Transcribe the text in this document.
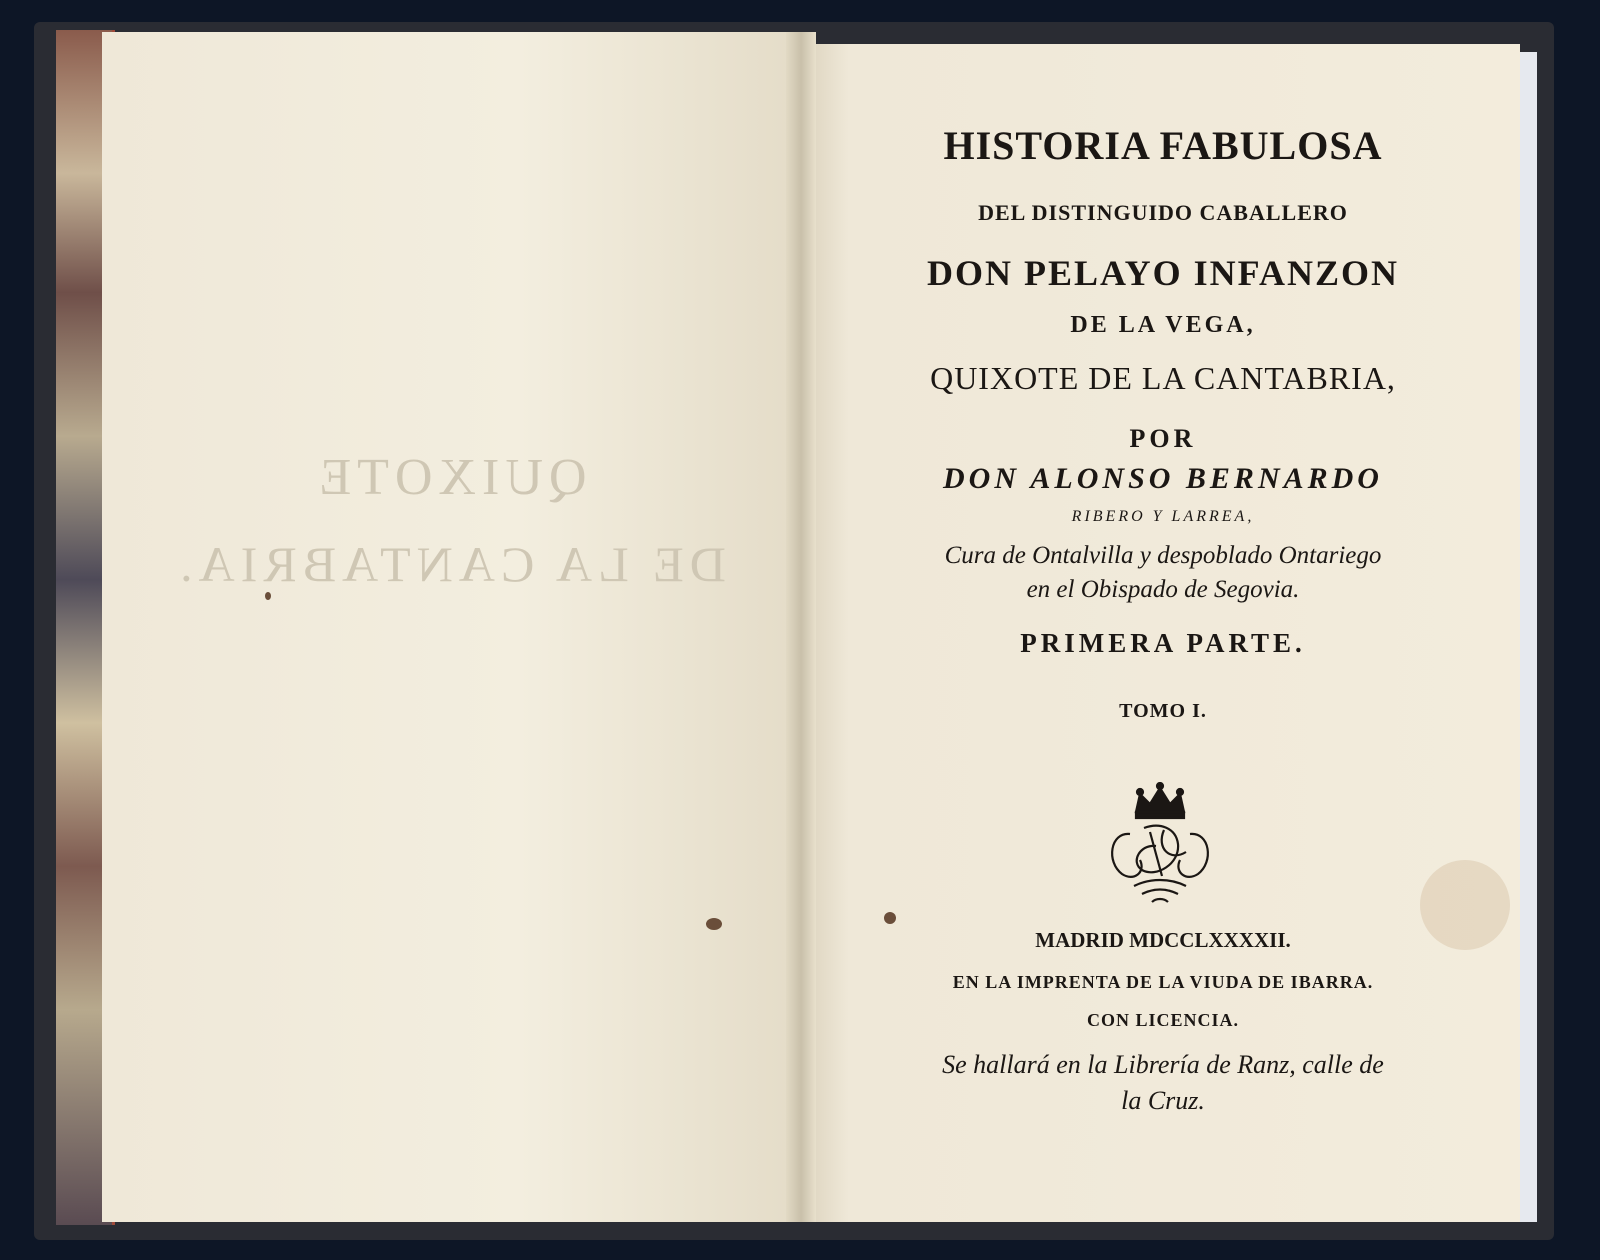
QUIXOTE
DE LA CANTABRIA.

HISTORIA FABULOSA

DEL DISTINGUIDO CABALLERO

DON PELAYO INFANZON

DE LA VEGA,

QUIXOTE DE LA CANTABRIA,

POR

DON ALONSO BERNARDO

RIBERO Y LARREA,

Cura de Ontalvilla y despoblado Ontariego

en el Obispado de Segovia.

PRIMERA PARTE.

TOMO I.

MADRID MDCCLXXXXII.

EN LA IMPRENTA DE LA VIUDA DE IBARRA.

CON LICENCIA.

Se hallará en la Librería de Ranz, calle de

la Cruz.
